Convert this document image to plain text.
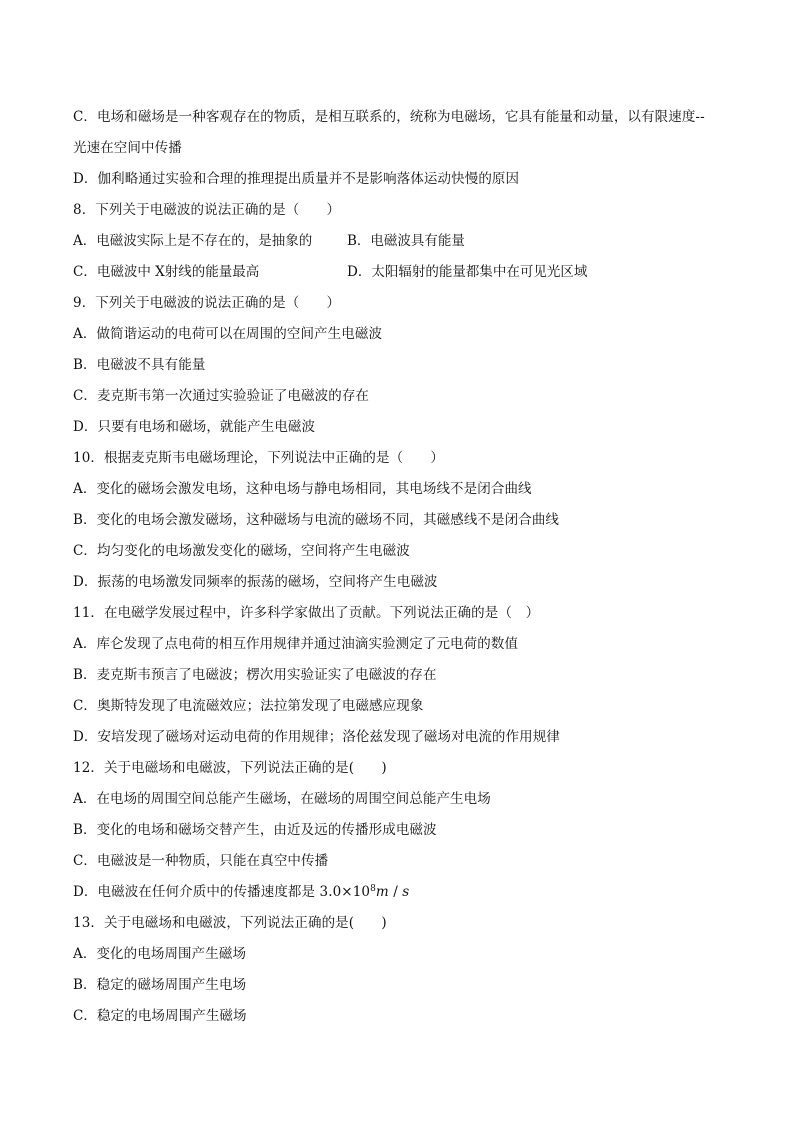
C．电场和磁场是一种客观存在的物质，是相互联系的，统称为电磁场，它具有能量和动量，以有限速度--
光速在空间中传播
D．伽利略通过实验和合理的推理提出质量并不是影响落体运动快慢的原因
8．下列关于电磁波的说法正确的是（　　）
A．电磁波实际上是不存在的，是抽象的	B．电磁波具有能量
C．电磁波中 X射线的能量最高	D．太阳辐射的能量都集中在可见光区域
9．下列关于电磁波的说法正确的是（　　）
A．做简谐运动的电荷可以在周围的空间产生电磁波
B．电磁波不具有能量
C．麦克斯韦第一次通过实验验证了电磁波的存在
D．只要有电场和磁场，就能产生电磁波
10．根据麦克斯韦电磁场理论，下列说法中正确的是（　　）
A．变化的磁场会激发电场，这种电场与静电场相同，其电场线不是闭合曲线
B．变化的电场会激发磁场，这种磁场与电流的磁场不同，其磁感线不是闭合曲线
C．均匀变化的电场激发变化的磁场，空间将产生电磁波
D．振荡的电场激发同频率的振荡的磁场，空间将产生电磁波
11．在电磁学发展过程中，许多科学家做出了贡献。下列说法正确的是（　）
A．库仑发现了点电荷的相互作用规律并通过油滴实验测定了元电荷的数值
B．麦克斯韦预言了电磁波；楞次用实验证实了电磁波的存在
C．奥斯特发现了电流磁效应；法拉第发现了电磁感应现象
D．安培发现了磁场对运动电荷的作用规律；洛伦兹发现了磁场对电流的作用规律
12．关于电磁场和电磁波，下列说法正确的是(　　)
A．在电场的周围空间总能产生磁场，在磁场的周围空间总能产生电场
B．变化的电场和磁场交替产生，由近及远的传播形成电磁波
C．电磁波是一种物质，只能在真空中传播
D．电磁波在任何介质中的传播速度都是 $3.0\times 10^8m / s$
13．关于电磁场和电磁波，下列说法正确的是(　　)
A．变化的电场周围产生磁场
B．稳定的磁场周围产生电场
C．稳定的电场周围产生磁场
